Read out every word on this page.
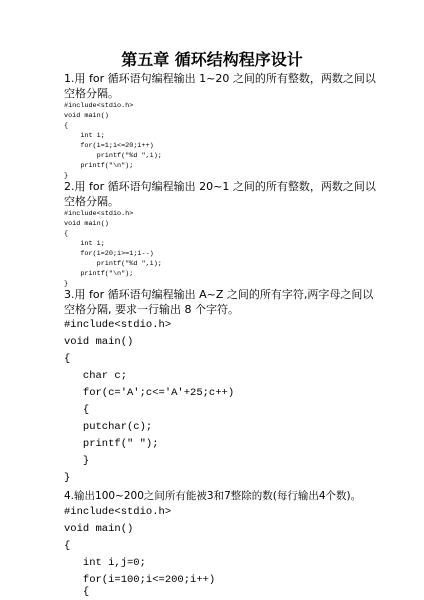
第五章 循环结构程序设计
1.用 for 循环语句编程输出 1~20 之间的所有整数，两数之间以
空格分隔。
#include<stdio.h>
void main()
{
int i;
for(i=1;i<=20;i++)
printf("%d ",i);
printf("\n");
}
2.用 for 循环语句编程输出 20~1 之间的所有整数，两数之间以
空格分隔。
#include<stdio.h>
void main()
{
int i;
for(i=20;i>=1;i--)
printf("%d ",i);
printf("\n");
}
3.用 for 循环语句编程输出 A~Z 之间的所有字符,两字母之间以
空格分隔, 要求一行输出 8 个字符。
#include<stdio.h>
void main()
{
char c;
for(c='A';c<='A'+25;c++)
{
putchar(c);
printf(" ");
}
}
4.输出100~200之间所有能被3和7整除的数(每行输出4个数)。
#include<stdio.h>
void main()
{
int i,j=0;
for(i=100;i<=200;i++)
{
